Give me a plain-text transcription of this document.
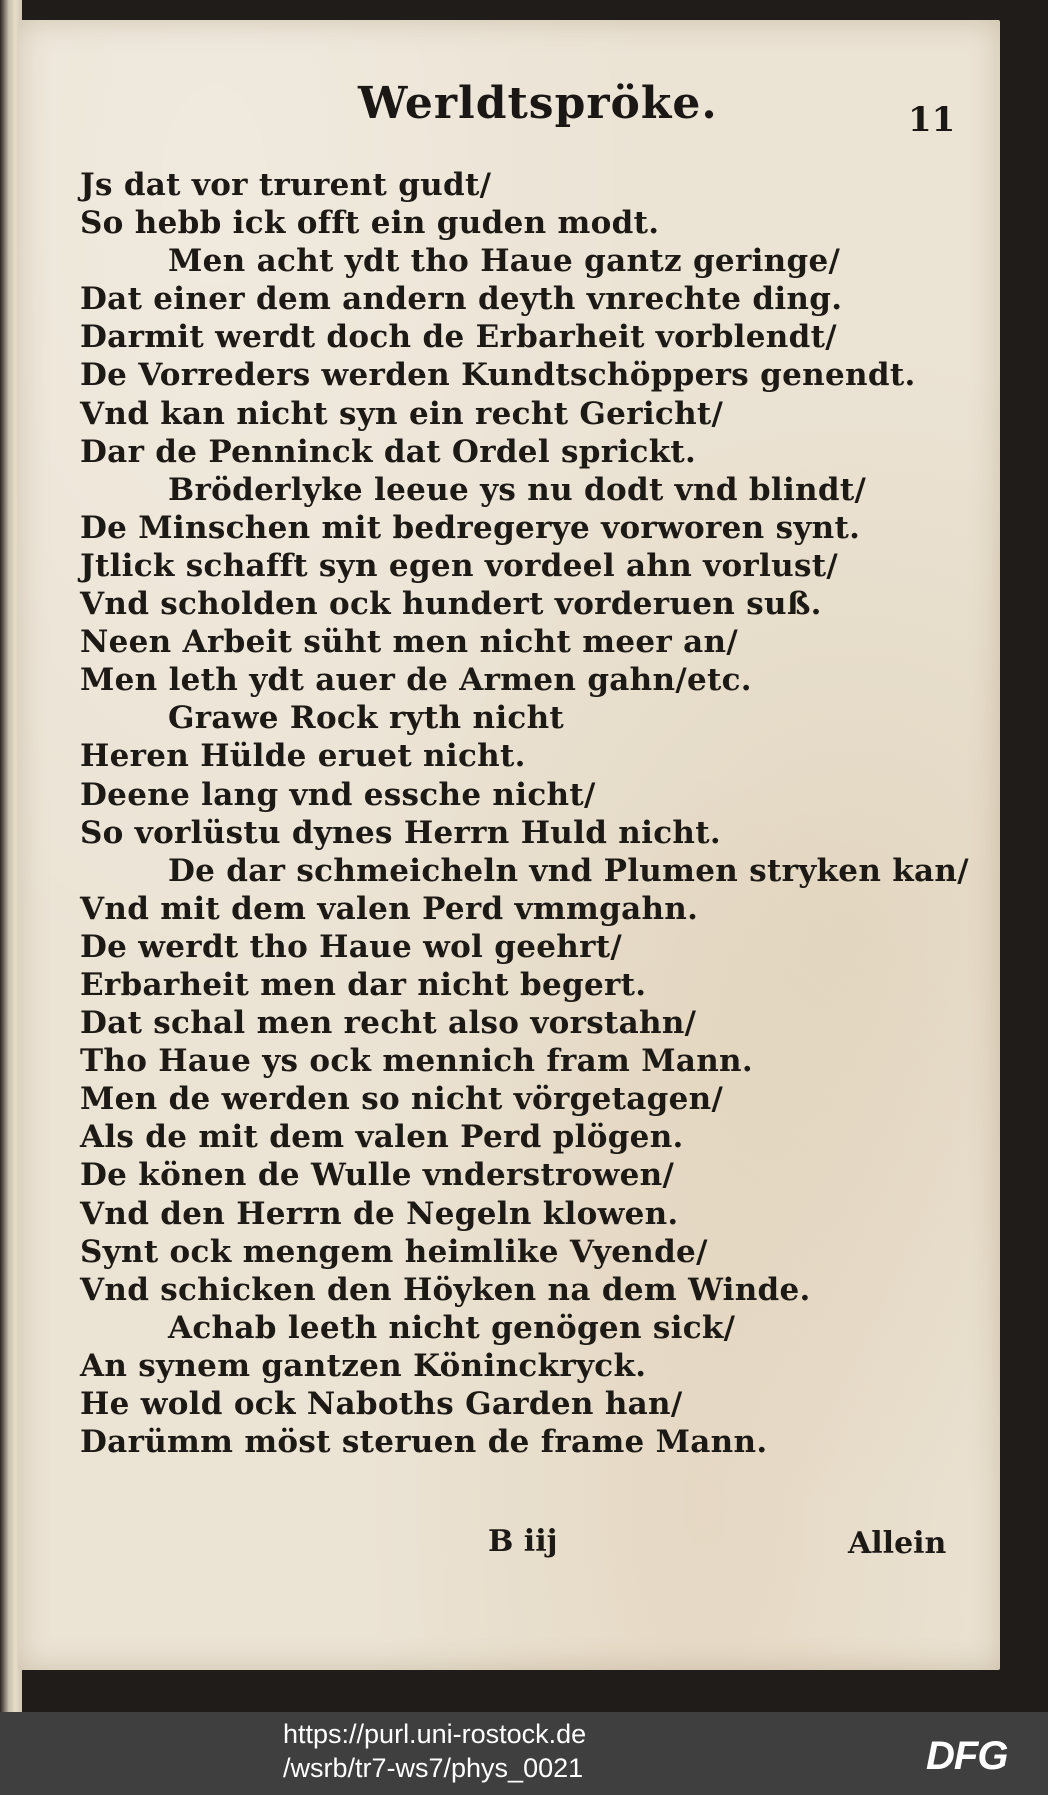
Werldtspröke.	11
Js dat vor trurent gudt/
So hebb ick offt ein guden modt.
Men acht ydt tho Haue gantz geringe/
Dat einer dem andern deyth vnrechte ding.
Darmit werdt doch de Erbarheit vorblendt/
De Vorreders werden Kundtschöppers genendt.
Vnd kan nicht syn ein recht Gericht/
Dar de Penninck dat Ordel sprickt.
Bröderlyke leeue ys nu dodt vnd blindt/
De Minschen mit bedregerye vorworen synt.
Jtlick schafft syn egen vordeel ahn vorlust/
Vnd scholden ock hundert vorderuen suß.
Neen Arbeit süht men nicht meer an/
Men leth ydt auer de Armen gahn/etc.
Grawe Rock ryth nicht
Heren Hülde eruet nicht.
Deene lang vnd essche nicht/
So vorlüstu dynes Herrn Huld nicht.
De dar schmeicheln vnd Plumen stryken kan/
Vnd mit dem valen Perd vmmgahn.
De werdt tho Haue wol geehrt/
Erbarheit men dar nicht begert.
Dat schal men recht also vorstahn/
Tho Haue ys ock mennich fram Mann.
Men de werden so nicht vörgetagen/
Als de mit dem valen Perd plögen.
De könen de Wulle vnderstrowen/
Vnd den Herrn de Negeln klowen.
Synt ock mengem heimlike Vyende/
Vnd schicken den Höyken na dem Winde.
Achab leeth nicht genögen sick/
An synem gantzen Köninckryck.
He wold ock Naboths Garden han/
Darümm möst steruen de frame Mann.
B iij	Allein
https://purl.uni-rostock.de
/wsrb/tr7-ws7/phys_0021	DFG
